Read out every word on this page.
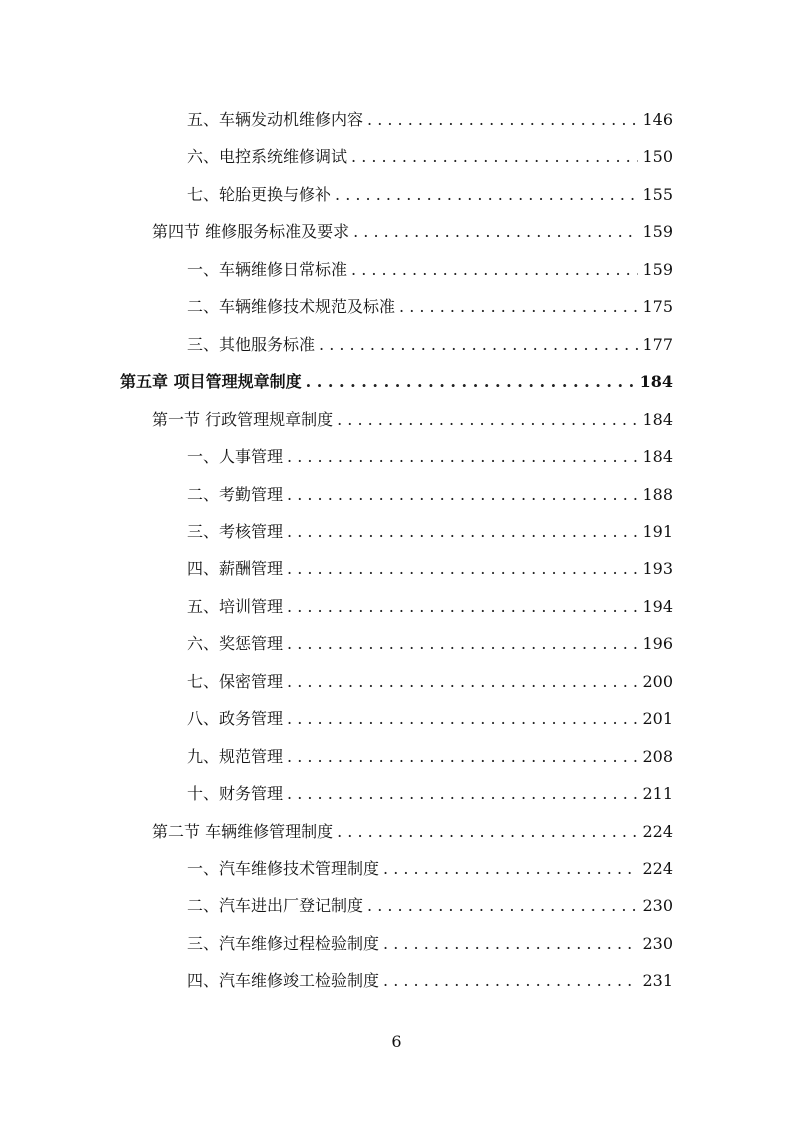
五、车辆发动机维修内容 . . .	146
六、电控系统维修调试 . . .	150
七、轮胎更换与修补 . . .	155
第四节 维修服务标准及要求 . . .	159
一、车辆维修日常标准 . . .	159
二、车辆维修技术规范及标准 . . .	175
三、其他服务标准 . . .	177
第五章 项目管理规章制度 . . .	184
第一节 行政管理规章制度 . . .	184
一、人事管理 . . .	184
二、考勤管理 . . .	188
三、考核管理 . . .	191
四、薪酬管理 . . .	193
五、培训管理 . . .	194
六、奖惩管理 . . .	196
七、保密管理 . . .	200
八、政务管理 . . .	201
九、规范管理 . . .	208
十、财务管理 . . .	211
第二节 车辆维修管理制度 . . .	224
一、汽车维修技术管理制度 . . .	224
二、汽车进出厂登记制度 . . .	230
三、汽车维修过程检验制度 . . .	230
四、汽车维修竣工检验制度 . . .	231
6
